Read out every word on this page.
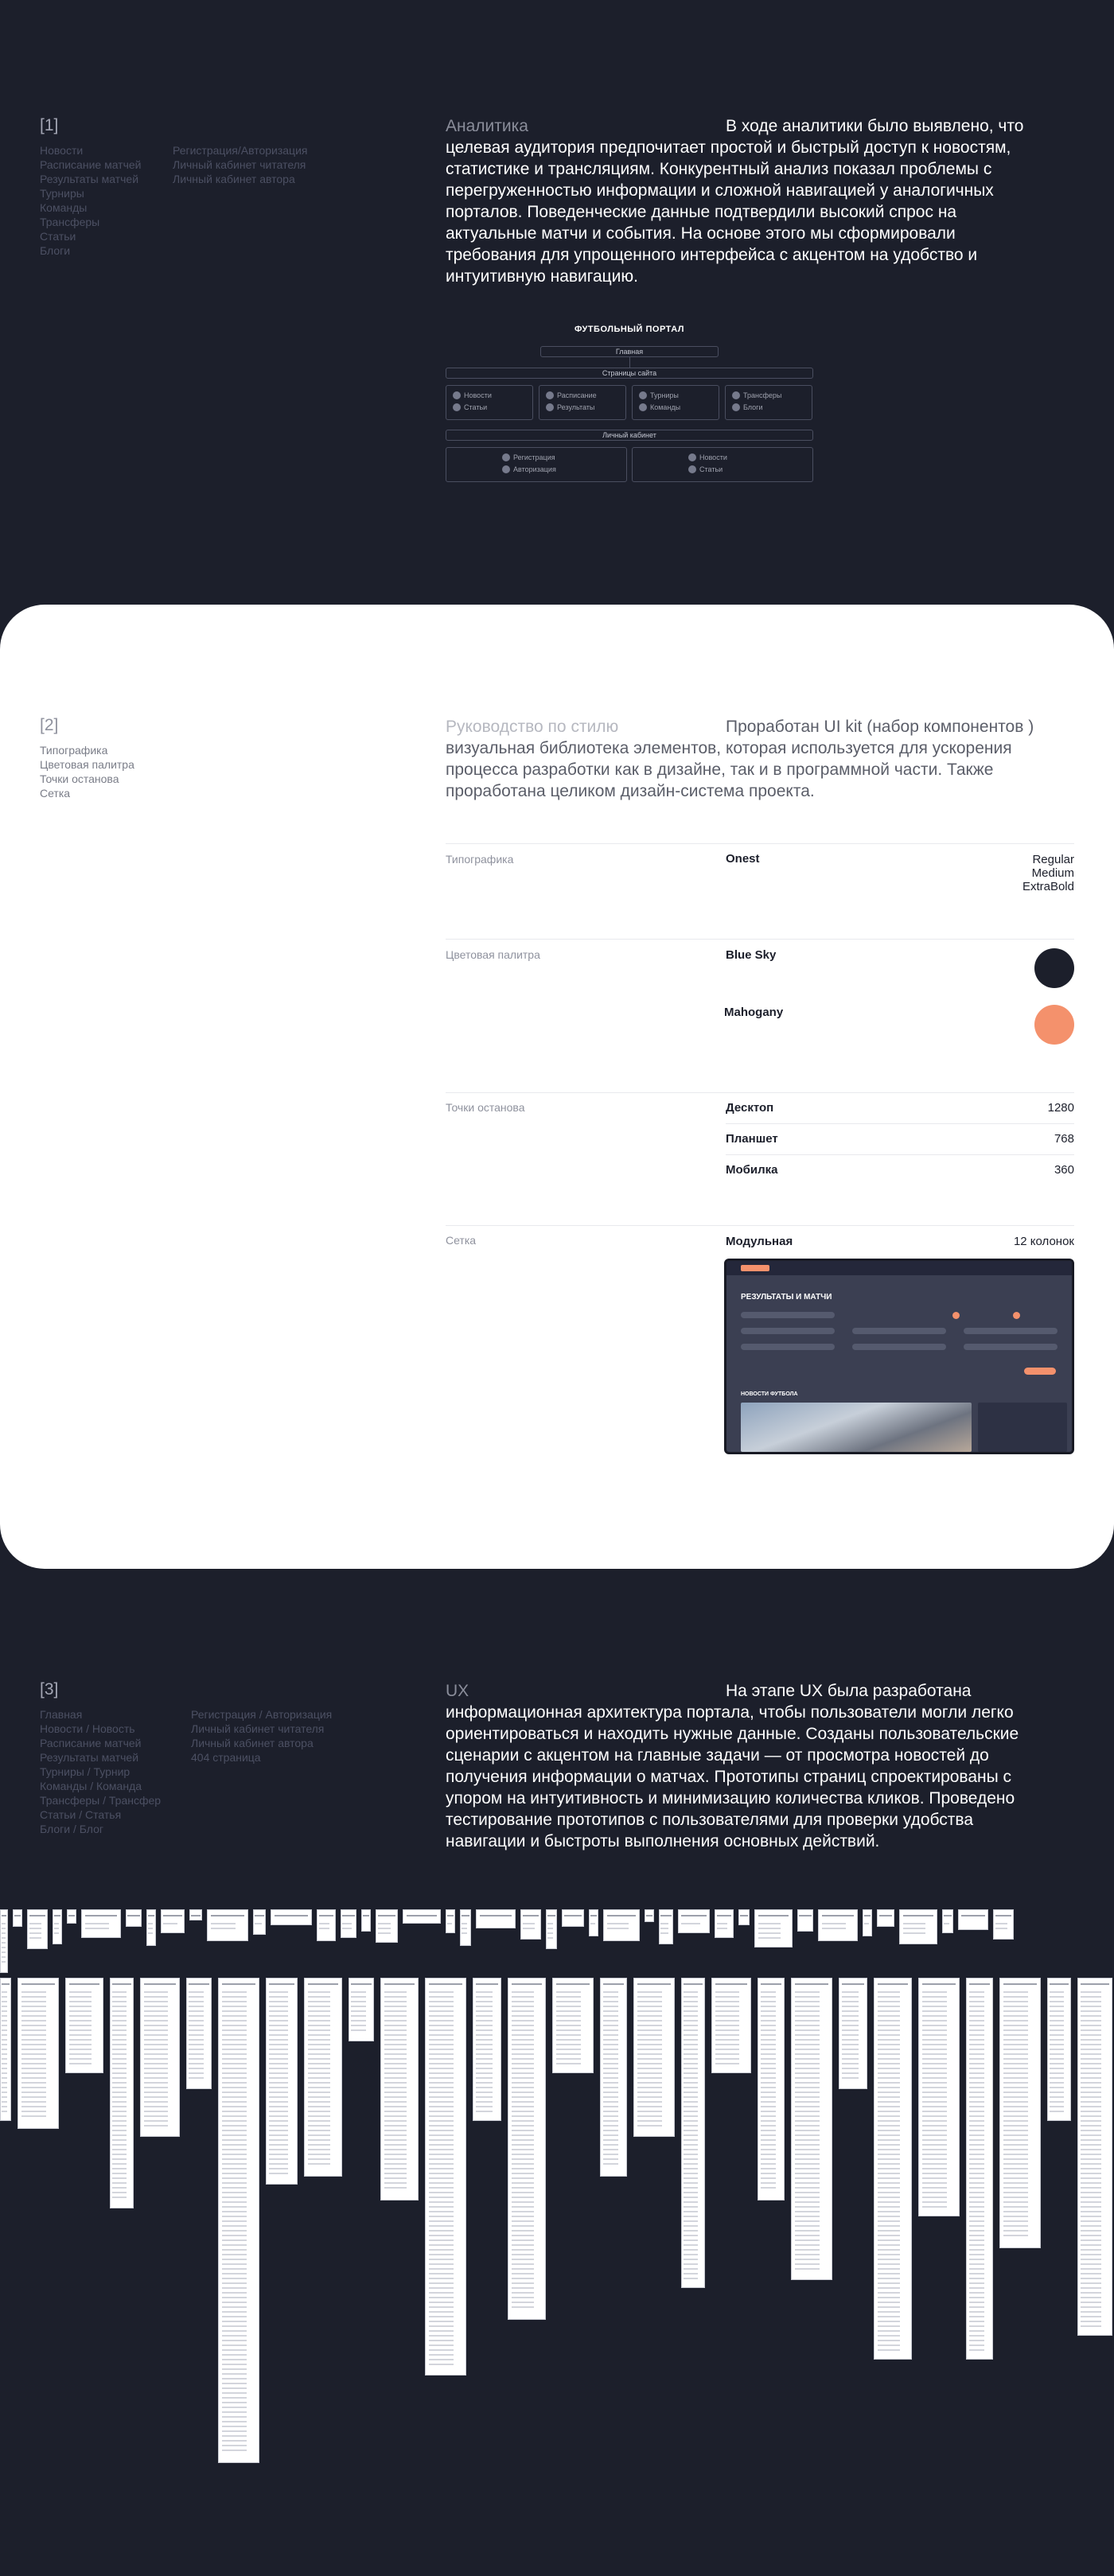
[1]
Новости
Расписание матчей
Результаты матчей
Турниры
Команды
Трансферы
Статьи
Блоги
Регистрация/Авторизация
Личный кабинет читателя
Личный кабинет автора

Аналитика	В ходе аналитики было выявлено, что целевая аудитория предпочитает простой и быстрый доступ к новостям, статистике и трансляциям. Конкурентный анализ показал проблемы с перегруженностью информации и сложной навигацией у аналогичных порталов. Поведенческие данные подтвердили высокий спрос на актуальные матчи и события. На основе этого мы сформировали требования для упрощенного интерфейса с акцентом на удобство и интуитивную навигацию.

ФУТБОЛЬНЫЙ ПОРТАЛ
Главная
Страницы сайта
Новости
Статьи
Расписание
Результаты
Турниры
Команды
Трансферы
Блоги
Личный кабинет
Регистрация
Авторизация
Новости
Статьи
[2]
Типографика
Цветовая палитра
Точки останова
Сетка

Руководство по стилю	Проработан UI kit (набор компонентов ) визуальная библиотека элементов, которая используется для ускорения процесса разработки как в дизайне, так и в программной части. Также проработана целиком дизайн-система проекта.

Типографика	Onest	Regular
Medium
ExtraBold
Цветовая палитра	Blue Sky
Mahogany
Точки останова	Десктоп	1280
Планшет	768
Мобилка	360
Сетка	Модульная	12 колонок
РЕЗУЛЬТАТЫ И МАТЧИ
НОВОСТИ ФУТБОЛА
[3]
Главная
Новости / Новость
Расписание матчей
Результаты матчей
Турниры / Турнир
Команды / Команда
Трансферы / Трансфер
Статьи / Статья
Блоги / Блог
Регистрация / Авторизация
Личный кабинет читателя
Личный кабинет автора
404 страница

UX	На этапе UX была разработана информационная архитектура портала, чтобы пользователи могли легко ориентироваться и находить нужные данные. Созданы пользовательские сценарии с акцентом на главные задачи — от просмотра новостей до получения информации о матчах. Прототипы страниц спроектированы с упором на интуитивность и минимизацию количества кликов. Проведено тестирование прототипов с пользователями для проверки удобства навигации и быстроты выполнения основных действий.
